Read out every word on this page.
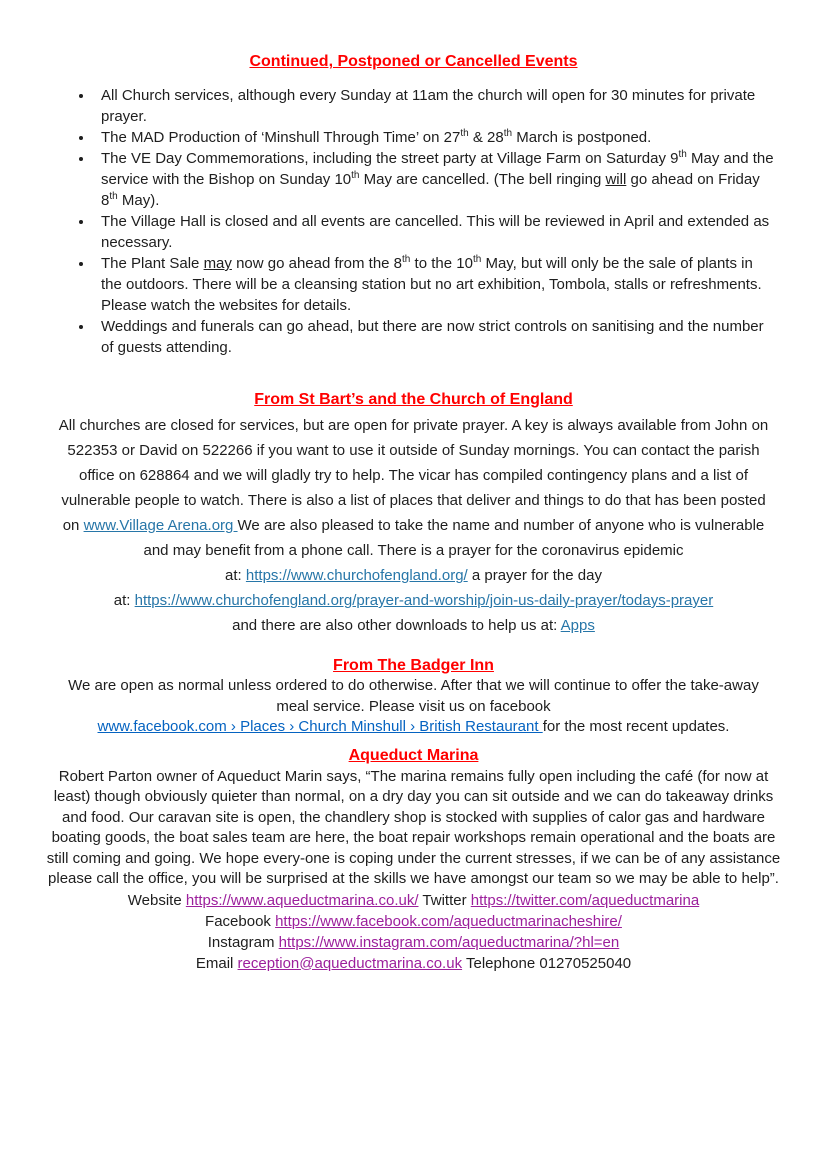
Continued, Postponed or Cancelled Events
• All Church services, although every Sunday at 11am the church will open for 30 minutes for private prayer.
• The MAD Production of ‘Minshull Through Time’ on 27th & 28th March is postponed.
• The VE Day Commemorations, including the street party at Village Farm on Saturday 9th May and the service with the Bishop on Sunday 10th May are cancelled. (The bell ringing will go ahead on Friday 8th May).
• The Village Hall is closed and all events are cancelled. This will be reviewed in April and extended as necessary.
• The Plant Sale may now go ahead from the 8th to the 10th May, but will only be the sale of plants in the outdoors. There will be a cleansing station but no art exhibition, Tombola, stalls or refreshments. Please watch the websites for details.
• Weddings and funerals can go ahead, but there are now strict controls on sanitising and the number of guests attending.
From St Bart’s and the Church of England

All churches are closed for services, but are open for private prayer. A key is always available from John on 522353 or David on 522266 if you want to use it outside of Sunday mornings. You can contact the parish office on 628864 and we will gladly try to help. The vicar has compiled contingency plans and a list of vulnerable people to watch. There is also a list of places that deliver and things to do that has been posted on www.Village Arena.org We are also pleased to take the name and number of anyone who is vulnerable and may benefit from a phone call. There is a prayer for the coronavirus epidemic

at: https://www.churchofengland.org/ a prayer for the day

at: https://www.churchofengland.org/prayer-and-worship/join-us-daily-prayer/todays-prayer

and there are also other downloads to help us at: Apps

From The Badger Inn

We are open as normal unless ordered to do otherwise. After that we will continue to offer the take-away meal service. Please visit us on facebook

www.facebook.com › Places › Church Minshull › British Restaurant for the most recent updates.

Aqueduct Marina

Robert Parton owner of Aqueduct Marin says, “The marina remains fully open including the café (for now at least) though obviously quieter than normal, on a dry day you can sit outside and we can do takeaway drinks and food. Our caravan site is open, the chandlery shop is stocked with supplies of calor gas and hardware boating goods, the boat sales team are here, the boat repair workshops remain operational and the boats are still coming and going. We hope every-one is coping under the current stresses, if we can be of any assistance please call the office, you will be surprised at the skills we have amongst our team so we may be able to help”.

Website https://www.aqueductmarina.co.uk/ Twitter https://twitter.com/aqueductmarina
Facebook https://www.facebook.com/aqueductmarinacheshire/
Instagram https://www.instagram.com/aqueductmarina/?hl=en
Email reception@aqueductmarina.co.uk Telephone 01270525040
